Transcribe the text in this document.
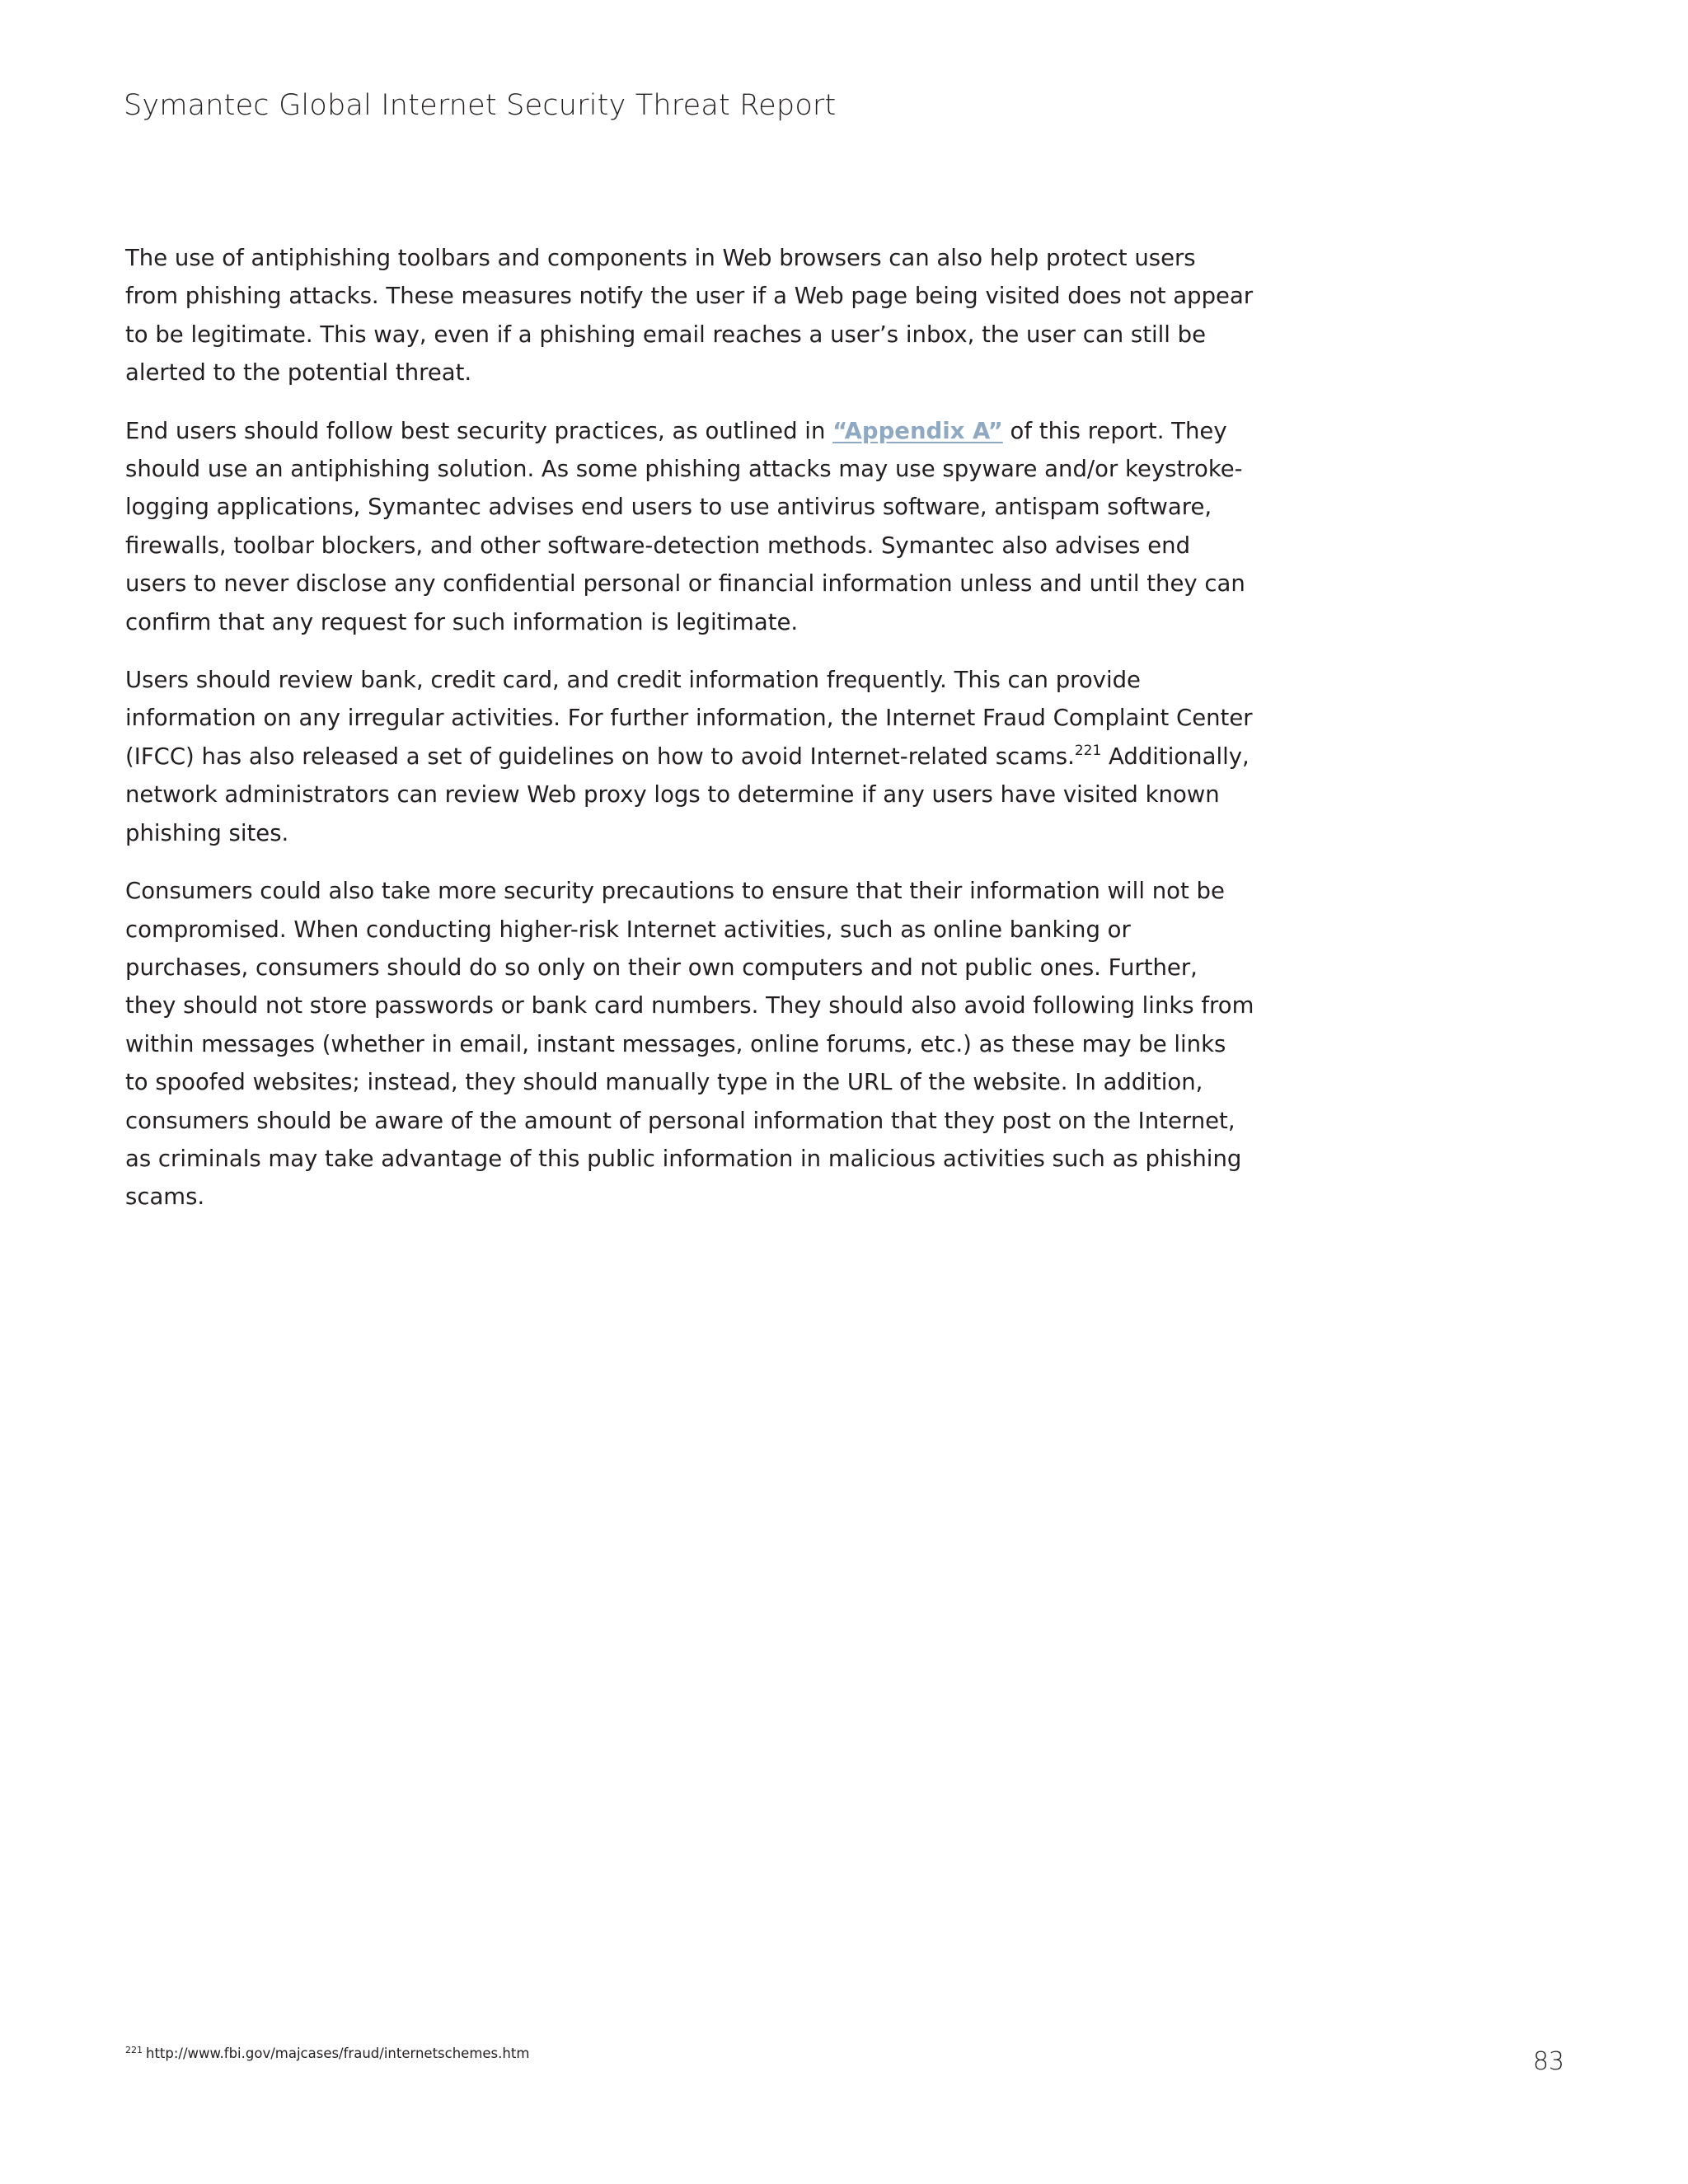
Symantec Global Internet Security Threat Report

The use of antiphishing toolbars and components in Web browsers can also help protect users from phishing attacks. These measures notify the user if a Web page being visited does not appear to be legitimate. This way, even if a phishing email reaches a user’s inbox, the user can still be alerted to the potential threat.

End users should follow best security practices, as outlined in “Appendix A” of this report. They should use an antiphishing solution. As some phishing attacks may use spyware and/or keystroke-logging applications, Symantec advises end users to use antivirus software, antispam software, firewalls, toolbar blockers, and other software-detection methods. Symantec also advises end users to never disclose any confidential personal or financial information unless and until they can confirm that any request for such information is legitimate.

Users should review bank, credit card, and credit information frequently. This can provide information on any irregular activities. For further information, the Internet Fraud Complaint Center (IFCC) has also released a set of guidelines on how to avoid Internet-related scams.$^{221}$ Additionally, network administrators can review Web proxy logs to determine if any users have visited known phishing sites.

Consumers could also take more security precautions to ensure that their information will not be compromised. When conducting higher-risk Internet activities, such as online banking or purchases, consumers should do so only on their own computers and not public ones. Further, they should not store passwords or bank card numbers. They should also avoid following links from within messages (whether in email, instant messages, online forums, etc.) as these may be links to spoofed websites; instead, they should manually type in the URL of the website. In addition, consumers should be aware of the amount of personal information that they post on the Internet, as criminals may take advantage of this public information in malicious activities such as phishing scams.

$^{221}$ http://www.fbi.gov/majcases/fraud/internetschemes.htm	83
